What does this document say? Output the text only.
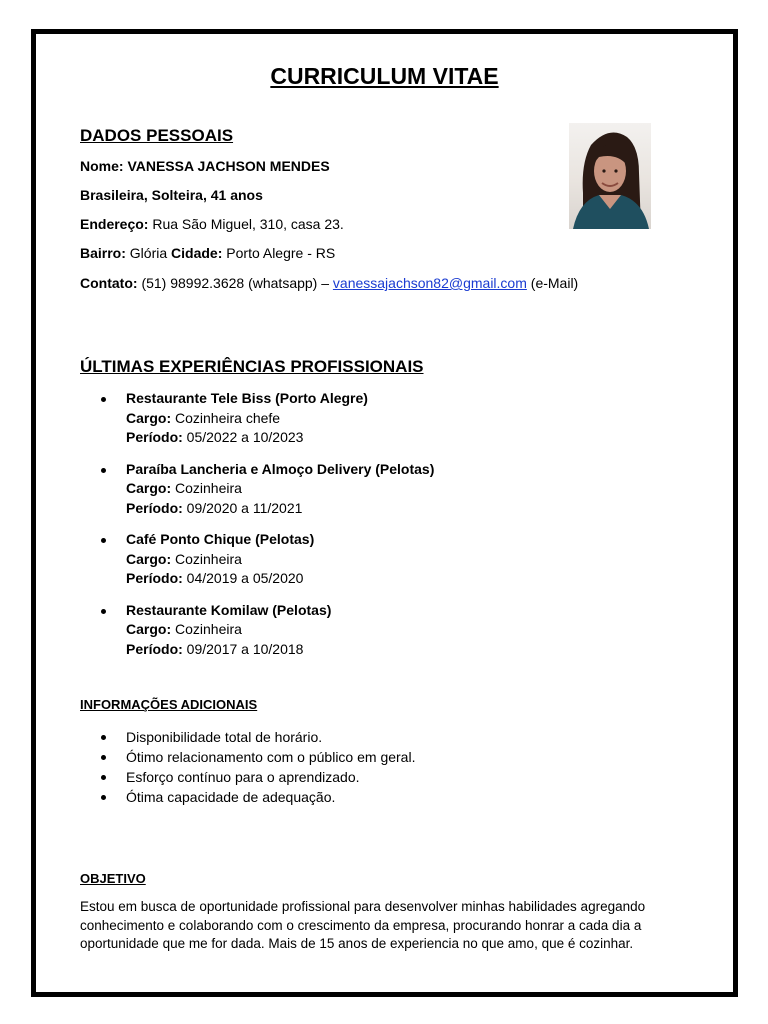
CURRICULUM VITAE
DADOS PESSOAIS
Nome: VANESSA JACHSON MENDES
Brasileira, Solteira, 41 anos
Endereço: Rua São Miguel, 310, casa 23.
Bairro: Glória Cidade: Porto Alegre - RS
Contato: (51) 98992.3628 (whatsapp) – vanessajachson82@gmail.com (e-Mail)
ÚLTIMAS EXPERIÊNCIAS PROFISSIONAIS
Restaurante Tele Biss (Porto Alegre)
Cargo: Cozinheira chefe
Período: 05/2022 a 10/2023
Paraíba Lancheria e Almoço Delivery (Pelotas)
Cargo: Cozinheira
Período: 09/2020 a 11/2021
Café Ponto Chique (Pelotas)
Cargo: Cozinheira
Período: 04/2019 a 05/2020
Restaurante Komilaw (Pelotas)
Cargo: Cozinheira
Período: 09/2017 a 10/2018
INFORMAÇÕES ADICIONAIS
Disponibilidade total de horário.
Ótimo relacionamento com o público em geral.
Esforço contínuo para o aprendizado.
Ótima capacidade de adequação.
OBJETIVO
Estou em busca de oportunidade profissional para desenvolver minhas habilidades agregando conhecimento e colaborando com o crescimento da empresa, procurando honrar a cada dia a oportunidade que me for dada. Mais de 15 anos de experiencia no que amo, que é cozinhar.
